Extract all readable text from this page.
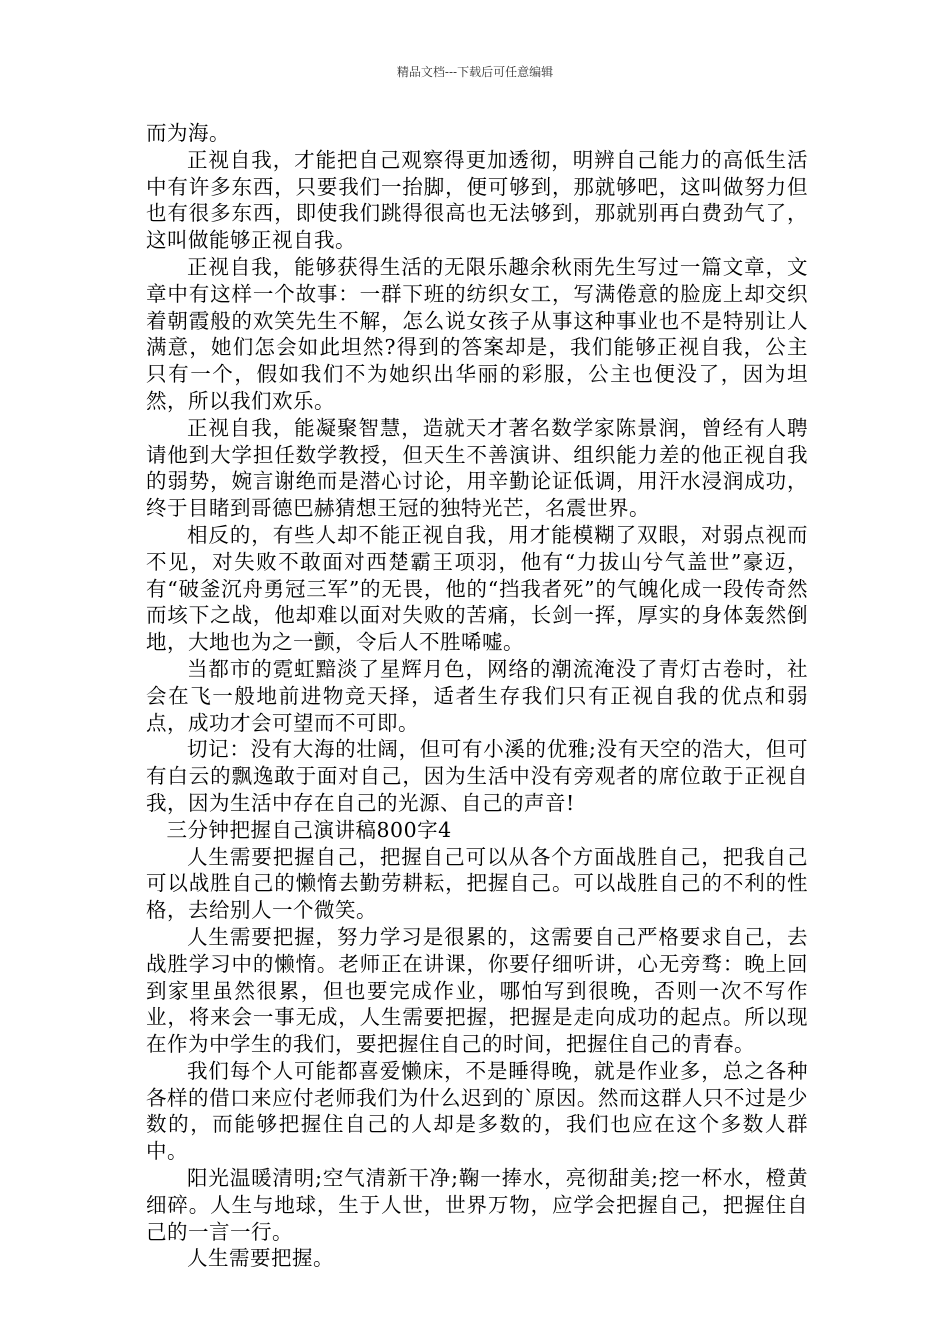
精品文档---下载后可任意编辑

而为海。

正视自我，才能把自己观察得更加透彻，明辨自己能力的高低生活中有许多东西，只要我们一抬脚，便可够到，那就够吧，这叫做努力但也有很多东西，即使我们跳得很高也无法够到，那就别再白费劲气了，这叫做能够正视自我。

正视自我，能够获得生活的无限乐趣余秋雨先生写过一篇文章，文章中有这样一个故事：一群下班的纺织女工，写满倦意的脸庞上却交织着朝霞般的欢笑先生不解，怎么说女孩子从事这种事业也不是特别让人满意，她们怎会如此坦然?得到的答案却是，我们能够正视自我，公主只有一个，假如我们不为她织出华丽的彩服，公主也便没了，因为坦然，所以我们欢乐。

正视自我，能凝聚智慧，造就天才著名数学家陈景润，曾经有人聘请他到大学担任数学教授，但天生不善演讲、组织能力差的他正视自我的弱势，婉言谢绝而是潜心讨论，用辛勤论证低调，用汗水浸润成功，终于目睹到哥德巴赫猜想王冠的独特光芒，名震世界。

相反的，有些人却不能正视自我，用才能模糊了双眼，对弱点视而不见，对失败不敢面对西楚霸王项羽，他有“力拔山兮气盖世”豪迈，有“破釜沉舟勇冠三军”的无畏，他的“挡我者死”的气魄化成一段传奇然而垓下之战，他却难以面对失败的苦痛，长剑一挥，厚实的身体轰然倒地，大地也为之一颤，令后人不胜唏嘘。

当都市的霓虹黯淡了星辉月色，网络的潮流淹没了青灯古卷时，社会在飞一般地前进物竞天择，适者生存我们只有正视自我的优点和弱点，成功才会可望而不可即。

切记：没有大海的壮阔，但可有小溪的优雅;没有天空的浩大，但可有白云的飘逸敢于面对自己，因为生活中没有旁观者的席位敢于正视自我，因为生活中存在自己的光源、自己的声音!

三分钟把握自己演讲稿800字4

人生需要把握自己，把握自己可以从各个方面战胜自己，把我自己可以战胜自己的懒惰去勤劳耕耘，把握自己。可以战胜自己的不利的性格，去给别人一个微笑。

人生需要把握，努力学习是很累的，这需要自己严格要求自己，去战胜学习中的懒惰。老师正在讲课，你要仔细听讲，心无旁骛：晚上回到家里虽然很累，但也要完成作业，哪怕写到很晚，否则一次不写作业，将来会一事无成，人生需要把握，把握是走向成功的起点。所以现在作为中学生的我们，要把握住自己的时间，把握住自己的青春。

我们每个人可能都喜爱懒床，不是睡得晚，就是作业多，总之各种各样的借口来应付老师我们为什么迟到的`原因。然而这群人只不过是少数的，而能够把握住自己的人却是多数的，我们也应在这个多数人群中。

阳光温暖清明;空气清新干净;鞠一捧水，亮彻甜美;挖一杯水，橙黄细碎。人生与地球，生于人世，世界万物，应学会把握自己，把握住自己的一言一行。

人生需要把握。
